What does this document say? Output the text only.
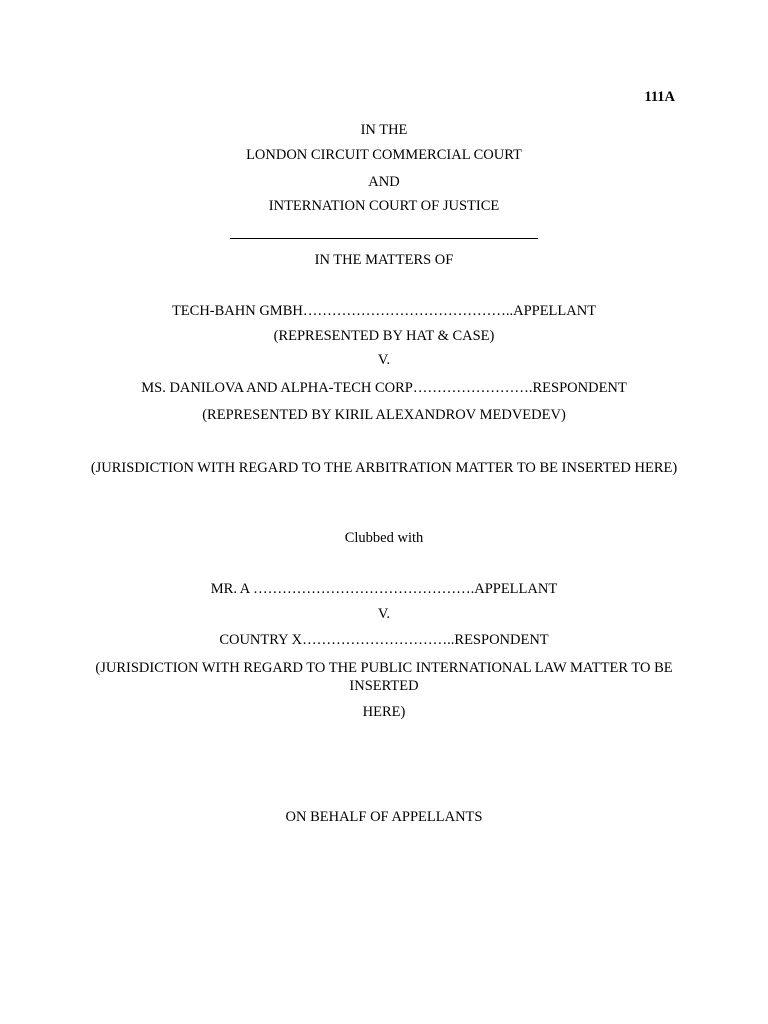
111A
IN THE
LONDON CIRCUIT COMMERCIAL COURT
AND
INTERNATION COURT OF JUSTICE
IN THE MATTERS OF
TECH-BAHN GMBH……………………………………..APPELLANT
(REPRESENTED BY HAT & CASE)
V.
MS. DANILOVA AND ALPHA-TECH CORP…………………….RESPONDENT
(REPRESENTED BY KIRIL ALEXANDROV MEDVEDEV)
(JURISDICTION WITH REGARD TO THE ARBITRATION MATTER TO BE INSERTED HERE)
Clubbed with
MR. A ……………………………………….APPELLANT
V.
COUNTRY X…………………………..RESPONDENT
(JURISDICTION WITH REGARD TO THE PUBLIC INTERNATIONAL LAW MATTER TO BE INSERTED
HERE)
ON BEHALF OF APPELLANTS
